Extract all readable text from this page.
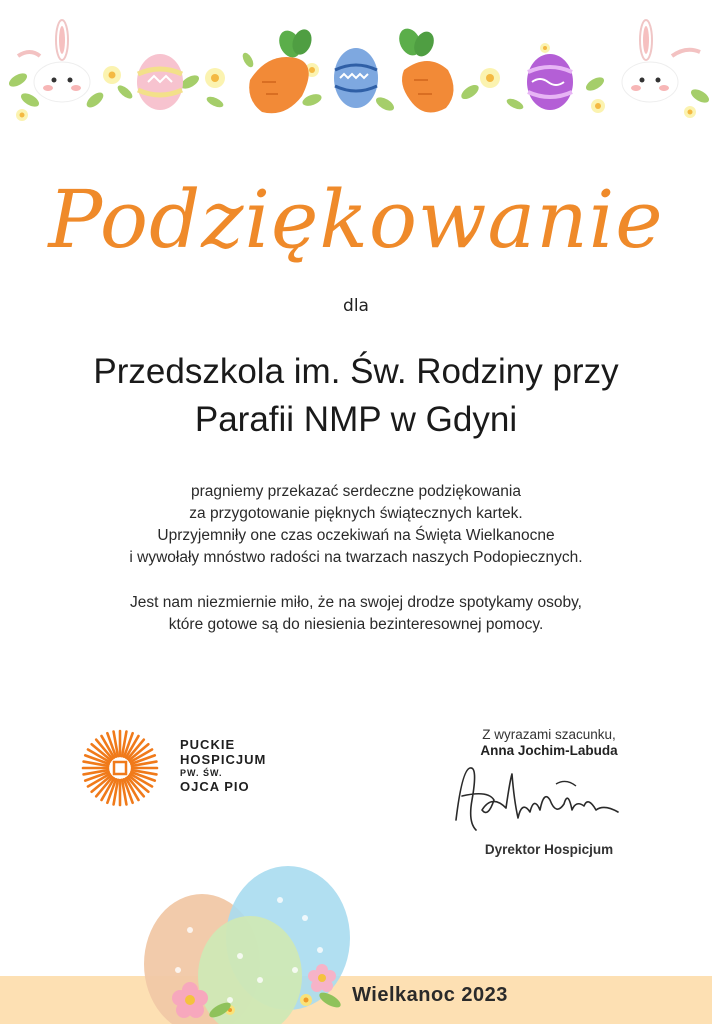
Podziękowanie
dla
Przedszkola im. Św. Rodziny przy
Parafii NMP w Gdyni
pragniemy przekazać serdeczne podziękowania
za przygotowanie pięknych świątecznych kartek.
Uprzyjemniły one czas oczekiwań na Święta Wielkanocne
i wywołały mnóstwo radości na twarzach naszych Podopiecznych.
Jest nam niezmiernie miło, że na swojej drodze spotykamy osoby,
które gotowe są do niesienia bezinteresownej pomocy.
PUCKIE
HOSPICJUM
PW. ŚW.
OJCA PIO
Z wyrazami szacunku,
Anna Jochim-Labuda
Dyrektor Hospicjum
Wielkanoc 2023
